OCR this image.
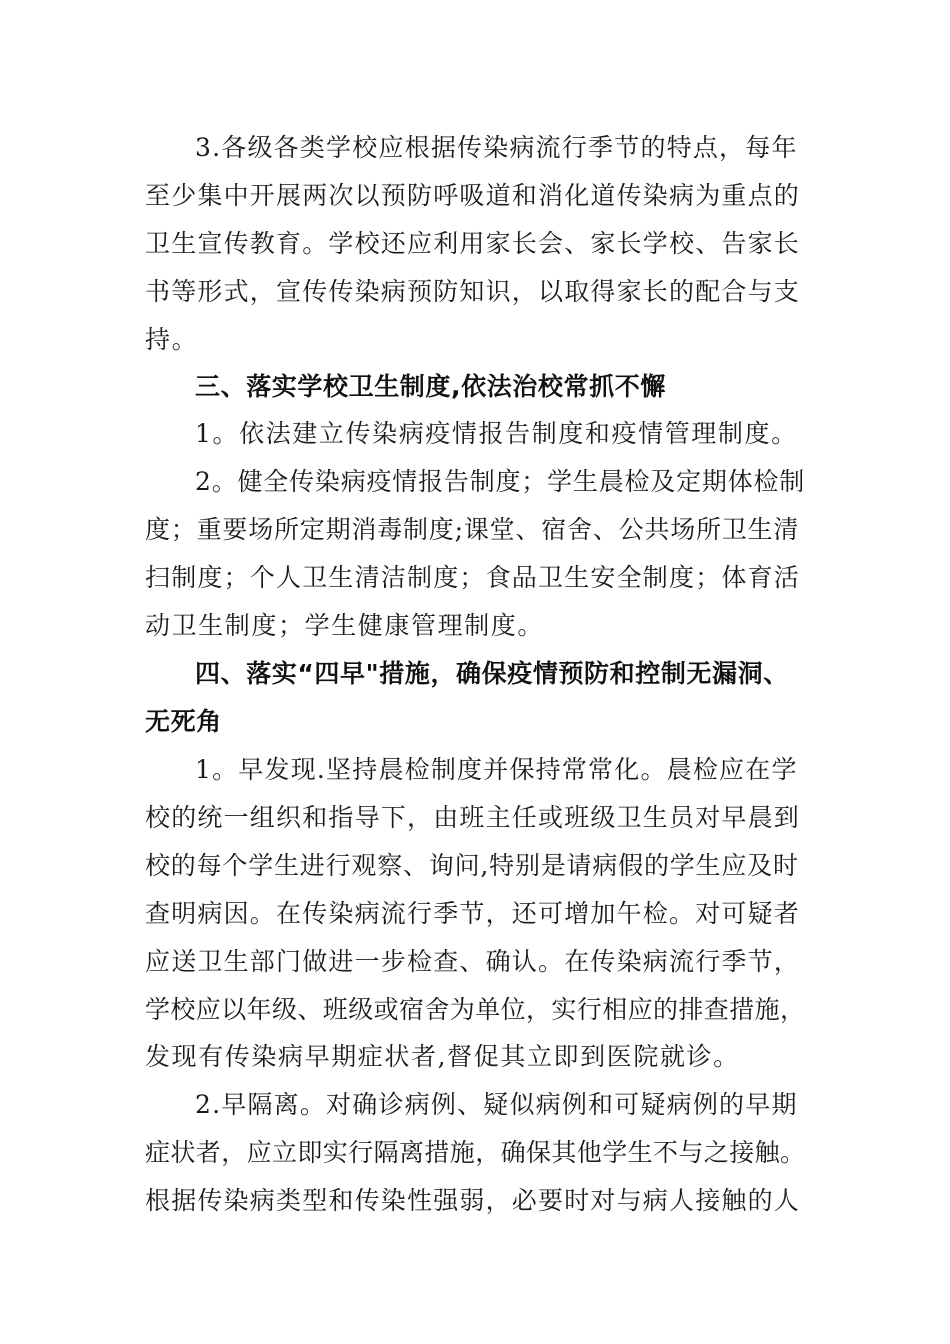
3.各级各类学校应根据传染病流行季节的特点，每年
至少集中开展两次以预防呼吸道和消化道传染病为重点的
卫生宣传教育。学校还应利用家长会、家长学校、告家长
书等形式，宣传传染病预防知识，以取得家长的配合与支
持。
三、落实学校卫生制度,依法治校常抓不懈
1。依法建立传染病疫情报告制度和疫情管理制度。
2。健全传染病疫情报告制度；学生晨检及定期体检制
度；重要场所定期消毒制度;课堂、宿舍、公共场所卫生清
扫制度；个人卫生清洁制度；食品卫生安全制度；体育活
动卫生制度；学生健康管理制度。
四、落实“四早"措施，确保疫情预防和控制无漏洞、
无死角
1。早发现.坚持晨检制度并保持常常化。晨检应在学
校的统一组织和指导下，由班主任或班级卫生员对早晨到
校的每个学生进行观察、询问,特别是请病假的学生应及时
查明病因。在传染病流行季节，还可增加午检。对可疑者
应送卫生部门做进一步检查、确认。在传染病流行季节，
学校应以年级、班级或宿舍为单位，实行相应的排查措施，
发现有传染病早期症状者,督促其立即到医院就诊。
2.早隔离。对确诊病例、疑似病例和可疑病例的早期
症状者，应立即实行隔离措施，确保其他学生不与之接触。
根据传染病类型和传染性强弱，必要时对与病人接触的人
